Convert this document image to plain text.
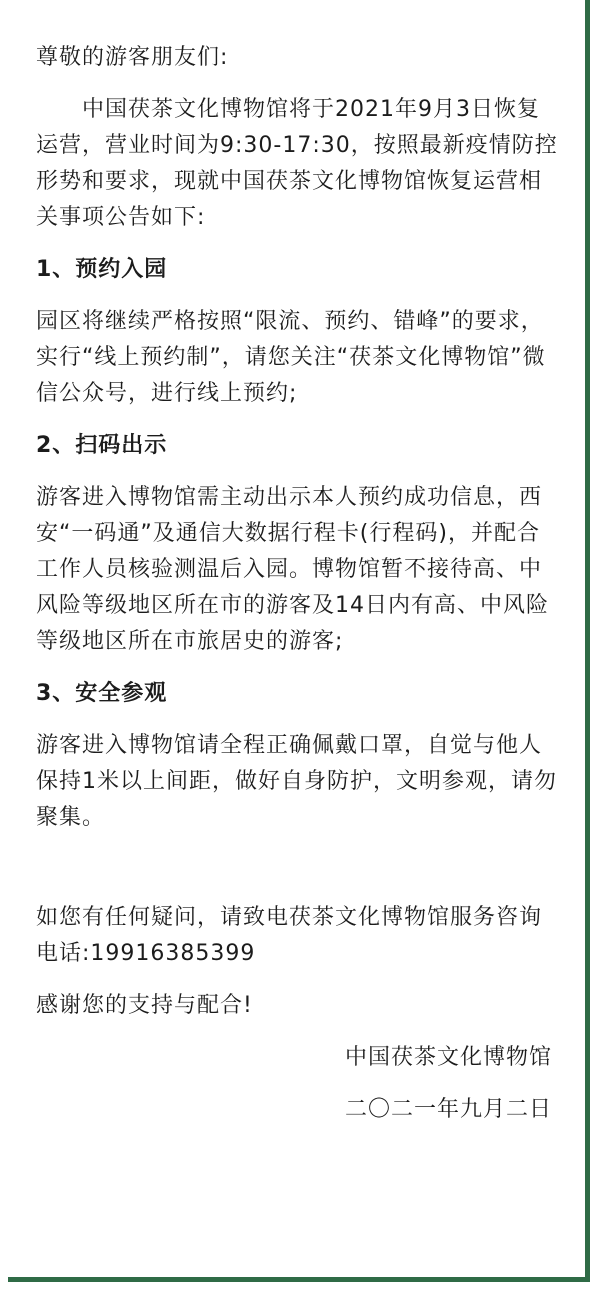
尊敬的游客朋友们:

中国茯茶文化博物馆将于2021年9月3日恢复运营，营业时间为9:30-17:30，按照最新疫情防控形势和要求，现就中国茯茶文化博物馆恢复运营相关事项公告如下:

1、预约入园

园区将继续严格按照“限流、预约、错峰”的要求，实行“线上预约制”，请您关注“茯茶文化博物馆”微信公众号，进行线上预约;

2、扫码出示

游客进入博物馆需主动出示本人预约成功信息，西安“一码通”及通信大数据行程卡(行程码)，并配合工作人员核验测温后入园。博物馆暂不接待高、中风险等级地区所在市的游客及14日内有高、中风险等级地区所在市旅居史的游客;

3、安全参观

游客进入博物馆请全程正确佩戴口罩，自觉与他人保持1米以上间距，做好自身防护，文明参观，请勿聚集。

如您有任何疑问，请致电茯茶文化博物馆服务咨询电话:19916385399

感谢您的支持与配合!

中国茯茶文化博物馆

二〇二一年九月二日
